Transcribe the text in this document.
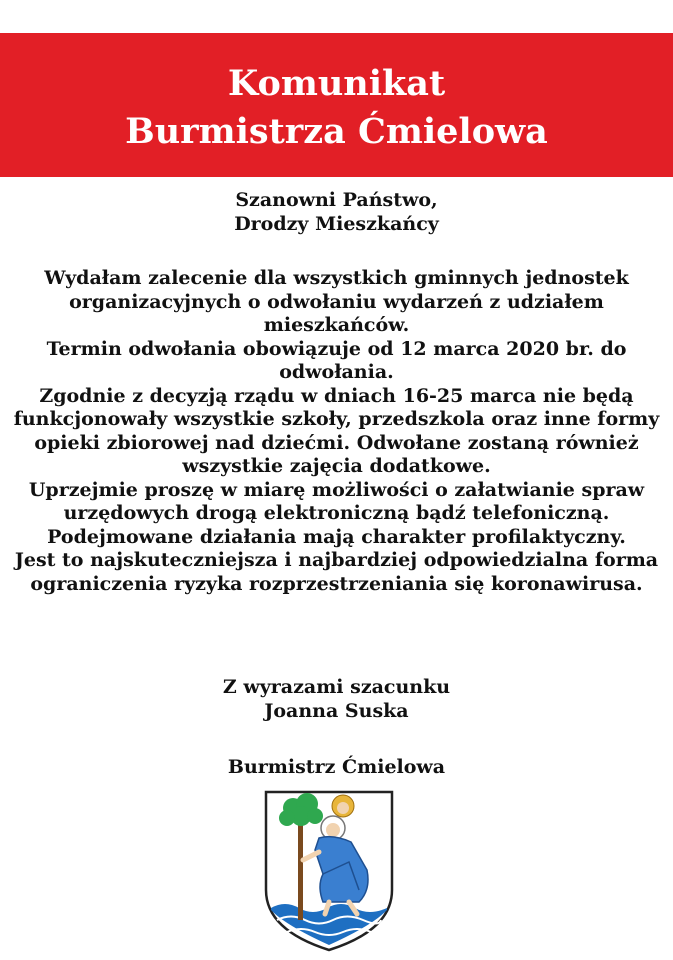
Komunikat
Burmistrza Ćmielowa
Szanowni Państwo,
Drodzy Mieszkańcy
Wydałam zalecenie dla wszystkich gminnych jednostek
organizacyjnych o odwołaniu wydarzeń z udziałem
mieszkańców.
Termin odwołania obowiązuje od 12 marca 2020 br. do
odwołania.
Zgodnie z decyzją rządu w dniach 16-25 marca nie będą
funkcjonowały wszystkie szkoły, przedszkola oraz inne formy
opieki zbiorowej nad dziećmi. Odwołane zostaną również
wszystkie zajęcia dodatkowe.
Uprzejmie proszę w miarę możliwości o załatwianie spraw
urzędowych drogą elektroniczną bądź telefoniczną.
Podejmowane działania mają charakter profilaktyczny.
Jest to najskuteczniejsza i najbardziej odpowiedzialna forma
ograniczenia ryzyka rozprzestrzeniania się koronawirusa.
Z wyrazami szacunku
Joanna Suska
Burmistrz Ćmielowa
